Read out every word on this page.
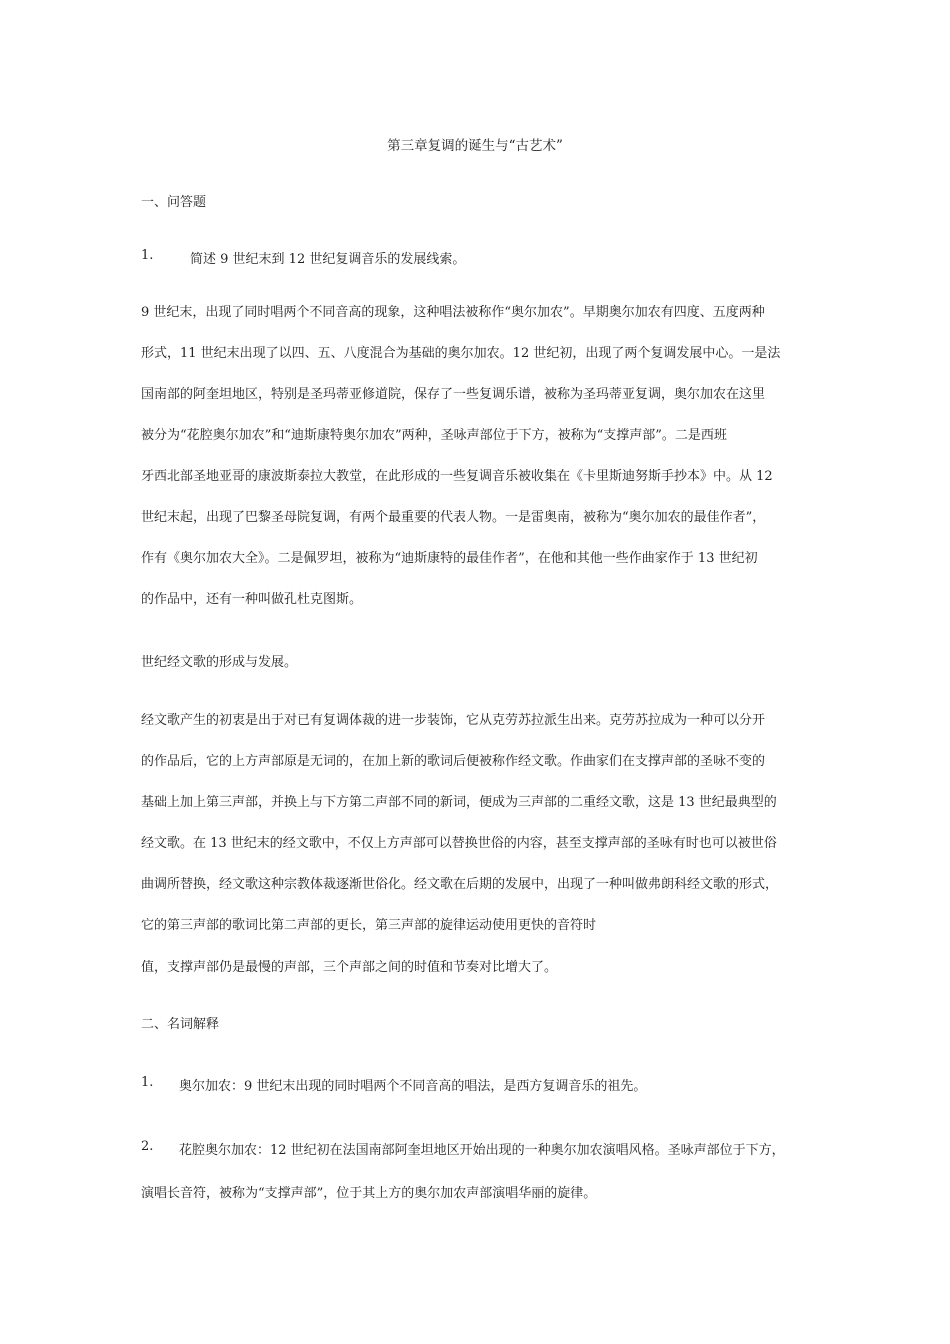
第三章复调的诞生与“古艺术”
一、问答题
1.	简述 9 世纪末到 12 世纪复调音乐的发展线索。
9 世纪末，出现了同时唱两个不同音高的现象，这种唱法被称作“奥尔加农”。早期奥尔加农有四度、五度两种
形式，11 世纪末出现了以四、五、八度混合为基础的奥尔加农。12 世纪初，出现了两个复调发展中心。一是法
国南部的阿奎坦地区，特别是圣玛蒂亚修道院，保存了一些复调乐谱，被称为圣玛蒂亚复调，奥尔加农在这里
被分为“花腔奥尔加农”和“迪斯康特奥尔加农”两种，圣咏声部位于下方，被称为“支撑声部”。二是西班
牙西北部圣地亚哥的康波斯泰拉大教堂，在此形成的一些复调音乐被收集在《卡里斯迪努斯手抄本》中。从 12
世纪末起，出现了巴黎圣母院复调，有两个最重要的代表人物。一是雷奥南，被称为“奥尔加农的最佳作者”，
作有《奥尔加农大全》。二是佩罗坦，被称为“迪斯康特的最佳作者”，在他和其他一些作曲家作于 13 世纪初
的作品中，还有一种叫做孔杜克图斯。
世纪经文歌的形成与发展。
经文歌产生的初衷是出于对已有复调体裁的进一步装饰，它从克劳苏拉派生出来。克劳苏拉成为一种可以分开
的作品后，它的上方声部原是无词的，在加上新的歌词后便被称作经文歌。作曲家们在支撑声部的圣咏不变的
基础上加上第三声部，并换上与下方第二声部不同的新词，便成为三声部的二重经文歌，这是 13 世纪最典型的
经文歌。在 13 世纪末的经文歌中，不仅上方声部可以替换世俗的内容，甚至支撑声部的圣咏有时也可以被世俗
曲调所替换，经文歌这种宗教体裁逐渐世俗化。经文歌在后期的发展中，出现了一种叫做弗朗科经文歌的形式，
它的第三声部的歌词比第二声部的更长，第三声部的旋律运动使用更快的音符时
值，支撑声部仍是最慢的声部，三个声部之间的时值和节奏对比增大了。
二、名词解释
1. 奥尔加农：9 世纪末出现的同时唱两个不同音高的唱法，是西方复调音乐的祖先。
2. 花腔奥尔加农：12 世纪初在法国南部阿奎坦地区开始出现的一种奥尔加农演唱风格。圣咏声部位于下方，
演唱长音符，被称为“支撑声部”，位于其上方的奥尔加农声部演唱华丽的旋律。
